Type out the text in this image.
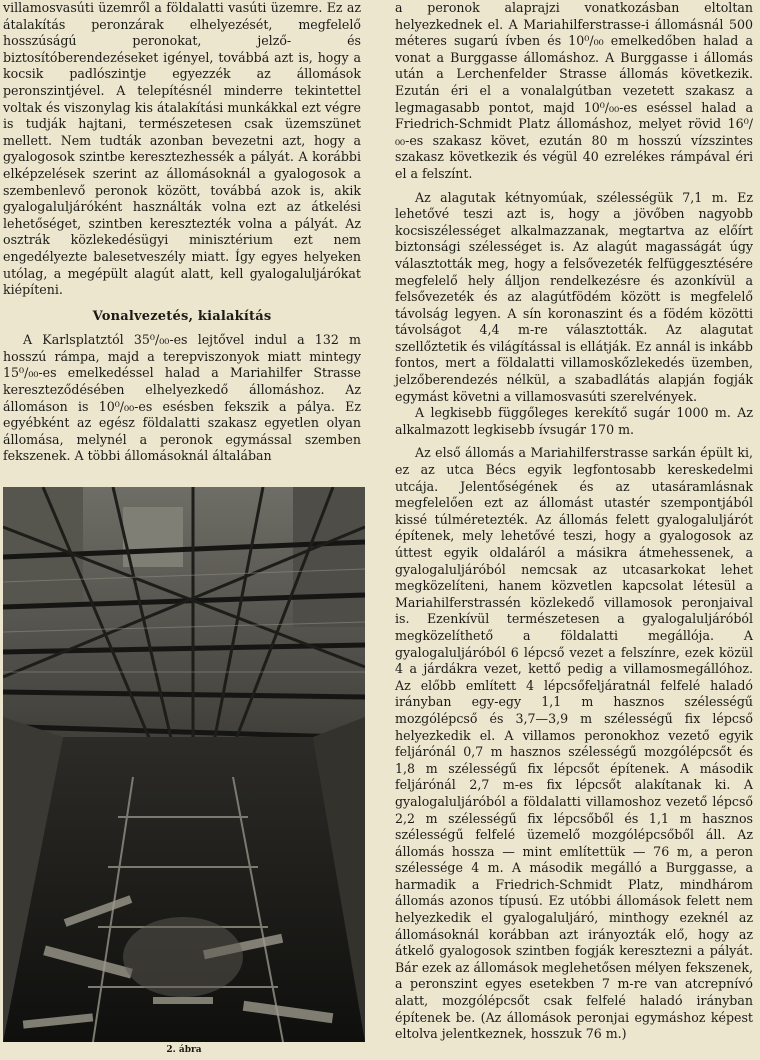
villamosvasúti üzemről a földalatti vasúti üzemre. Ez az átalakítás peronzárak elhelyezését, megfelelő hosszúságú peronokat, jelző- és biztosítóberendezéseket igényel, továbbá azt is, hogy a kocsik padlószintje egyezzék az állomások peronszintjével. A telepítésnél minderre tekintettel voltak és viszonylag kis átalakítási munkákkal ezt végre is tudják hajtani, természetesen csak üzemszünet mellett. Nem tudták azonban bevezetni azt, hogy a gyalogosok szintbe keresztezhessék a pályát. A korábbi elképzelések szerint az állomásoknál a gyalogosok a szembenlevő peronok között, továbbá azok is, akik gyalogaluljáróként használták volna ezt az átkelési lehetőséget, szintben keresztezték volna a pályát. Az osztrák közlekedésügyi minisztérium ezt nem engedélyezte balesetveszély miatt. Így egyes helyeken utólag, a megépült alagút alatt, kell gyalogaluljárókat kiépíteni.

Vonalvezetés, kialakítás

A Karlsplatztól 35⁰/₀₀-es lejtővel indul a 132 m hosszú rámpa, majd a terepviszonyok miatt mintegy 15⁰/₀₀-es emelkedéssel halad a Mariahilfer Strasse kereszteződésében elhelyezkedő állomáshoz. Az állomáson is 10⁰/₀₀-es esésben fekszik a pálya. Ez egyébként az egész földalatti szakasz egyetlen olyan állomása, melynél a peronok egymással szemben fekszenek. A többi állomásoknál általában

2. ábra

a peronok alaprajzi vonatkozásban eltoltan helyezkednek el. A Mariahilferstrasse-i állomásnál 500 méteres sugarú ívben és 10⁰/₀₀ emelkedőben halad a vonat a Burggasse állomáshoz. A Burggasse i állomás után a Lerchenfelder Strasse állomás következik. Ezután éri el a vonalalgútban vezetett szakasz a legmagasabb pontot, majd 10⁰/₀₀-es eséssel halad a Friedrich-Schmidt Platz állomáshoz, melyet rövid 16⁰/₀₀-es szakasz követ, ezután 80 m hosszú vízszintes szakasz következik és végül 40 ezrelékes rámpával éri el a felszínt.

Az alagutak kétnyomúak, szélességük 7,1 m. Ez lehetővé teszi azt is, hogy a jövőben nagyobb kocsiszélességet alkalmazzanak, megtartva az előírt biztonsági szélességet is. Az alagút magasságát úgy választották meg, hogy a felsővezeték felfüggesztésére megfelelő hely álljon rendelkezésre és azonkívül a felsővezeték és az alagútfödém között is megfelelő távolság legyen. A sín koronaszint és a födém közötti távolságot 4,4 m-re választották. Az alagutat szellőztetik és világítással is ellátják. Ez annál is inkább fontos, mert a földalatti villamoskőzlekedés üzemben, jelzőberendezés nélkül, a szabadlátás alapján fogják egymást követni a villamosvasúti szerelvények.

A legkisebb függőleges kerekítő sugár 1000 m. Az alkalmazott legkisebb ívsugár 170 m.

Az első állomás a Mariahilferstrasse sarkán épült ki, ez az utca Bécs egyik legfontosabb kereskedelmi utcája. Jelentőségének és az utasáramlásnak megfelelően ezt az állomást utastér szempontjából kissé túlméretezték. Az állomás felett gyalogaluljárót építenek, mely lehetővé teszi, hogy a gyalogosok az úttest egyik oldaláról a másikra átmehessenek, a gyalogaluljáróból nemcsak az utcasarkokat lehet megközelíteni, hanem közvetlen kapcsolat létesül a Mariahilferstrassén közlekedő villamosok peronjaival is. Ezenkívül természetesen a gyalogaluljáróból megközelíthető a földalatti megállója. A gyalogaluljáróból 6 lépcső vezet a felszínre, ezek közül 4 a járdákra vezet, kettő pedig a villamosmegállóhoz. Az előbb említett 4 lépcsőfeljáratnál felfelé haladó irányban egy-egy 1,1 m hasznos szélességű mozgólépcső és 3,7—3,9 m szélességű fix lépcső helyezkedik el. A villamos peronokhoz vezető egyik feljárónál 0,7 m hasznos szélességű mozgólépcsőt és 1,8 m szélességű fix lépcsőt építenek. A második feljárónál 2,7 m-es fix lépcsőt alakítanak ki. A gyalogaluljáróból a földalatti villamoshoz vezető lépcső 2,2 m szélességű fix lépcsőből és 1,1 m hasznos szélességű felfelé üzemelő mozgólépcsőből áll. Az állomás hossza — mint említettük — 76 m, a peron szélessége 4 m. A második megálló a Burggasse, a harmadik a Friedrich-Schmidt Platz, mindhárom állomás azonos típusú. Ez utóbbi állomások felett nem helyezkedik el gyalogaluljáró, minthogy ezeknél az állomásoknál korábban azt irányozták elő, hogy az átkelő gyalogosok szintben fogják keresztezni a pályát. Bár ezek az állomások meglehetősen mélyen fekszenek, a peronszint egyes esetekben 7 m-re van atcrepnívó alatt, mozgólépcsőt csak felfelé haladó irányban építenek be. (Az állomások peronjai egymáshoz képest eltolva jelentkeznek, hosszuk 76 m.)
